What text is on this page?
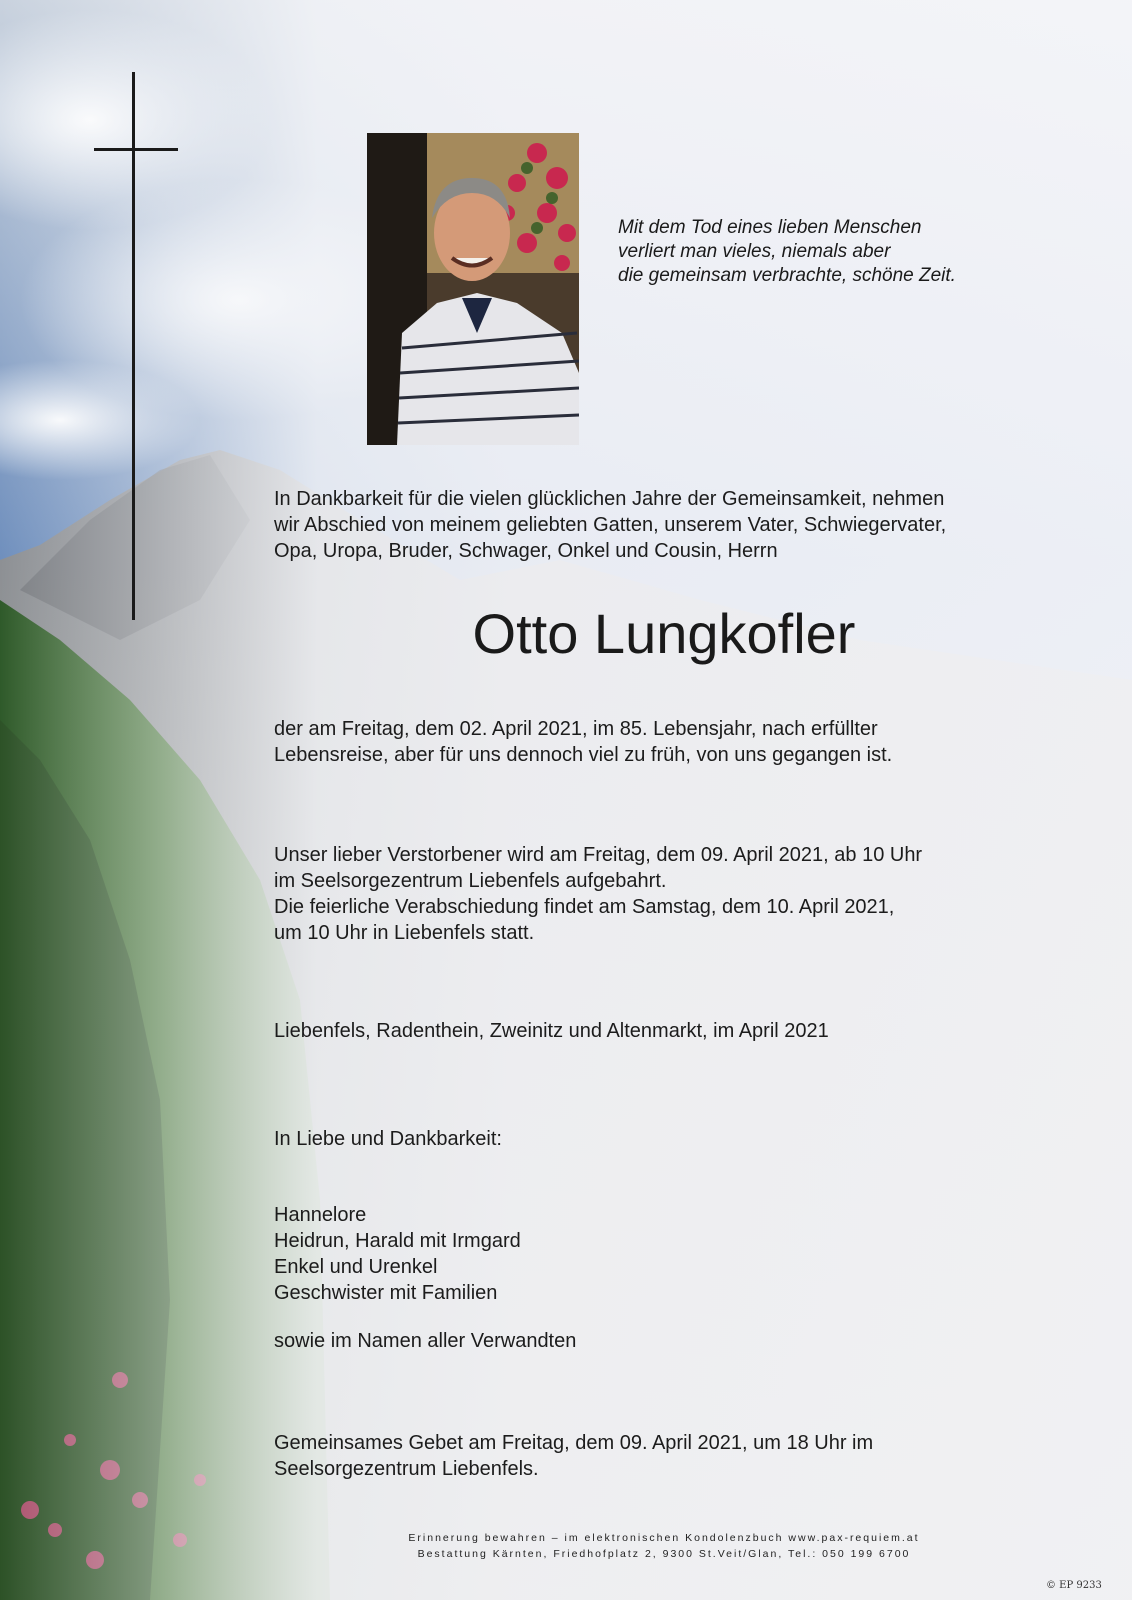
Mit dem Tod eines lieben Menschen
verliert man vieles, niemals aber
die gemeinsam verbrachte, schöne Zeit.
In Dankbarkeit für die vielen glücklichen Jahre der Gemeinsamkeit, nehmen
wir Abschied von meinem geliebten Gatten, unserem Vater, Schwiegervater,
Opa, Uropa, Bruder, Schwager, Onkel und Cousin, Herrn
Otto Lungkofler
der am Freitag, dem 02. April 2021, im 85. Lebensjahr, nach erfüllter
Lebensreise, aber für uns dennoch viel zu früh, von uns gegangen ist.
Unser lieber Verstorbener wird am Freitag, dem 09. April 2021, ab 10 Uhr
im Seelsorgezentrum Liebenfels aufgebahrt.
Die feierliche Verabschiedung findet am Samstag, dem 10. April 2021,
um 10 Uhr in Liebenfels statt.
Liebenfels, Radenthein, Zweinitz und Altenmarkt, im April 2021
In Liebe und Dankbarkeit:
Hannelore
Heidrun, Harald mit Irmgard
Enkel und Urenkel
Geschwister mit Familien
sowie im Namen aller Verwandten
Gemeinsames Gebet am Freitag, dem 09. April 2021, um 18 Uhr im
Seelsorgezentrum Liebenfels.
Erinnerung bewahren – im elektronischen Kondolenzbuch www.pax-requiem.at
Bestattung Kärnten, Friedhofplatz 2, 9300 St.Veit/Glan, Tel.: 050 199 6700
© EP 9233
